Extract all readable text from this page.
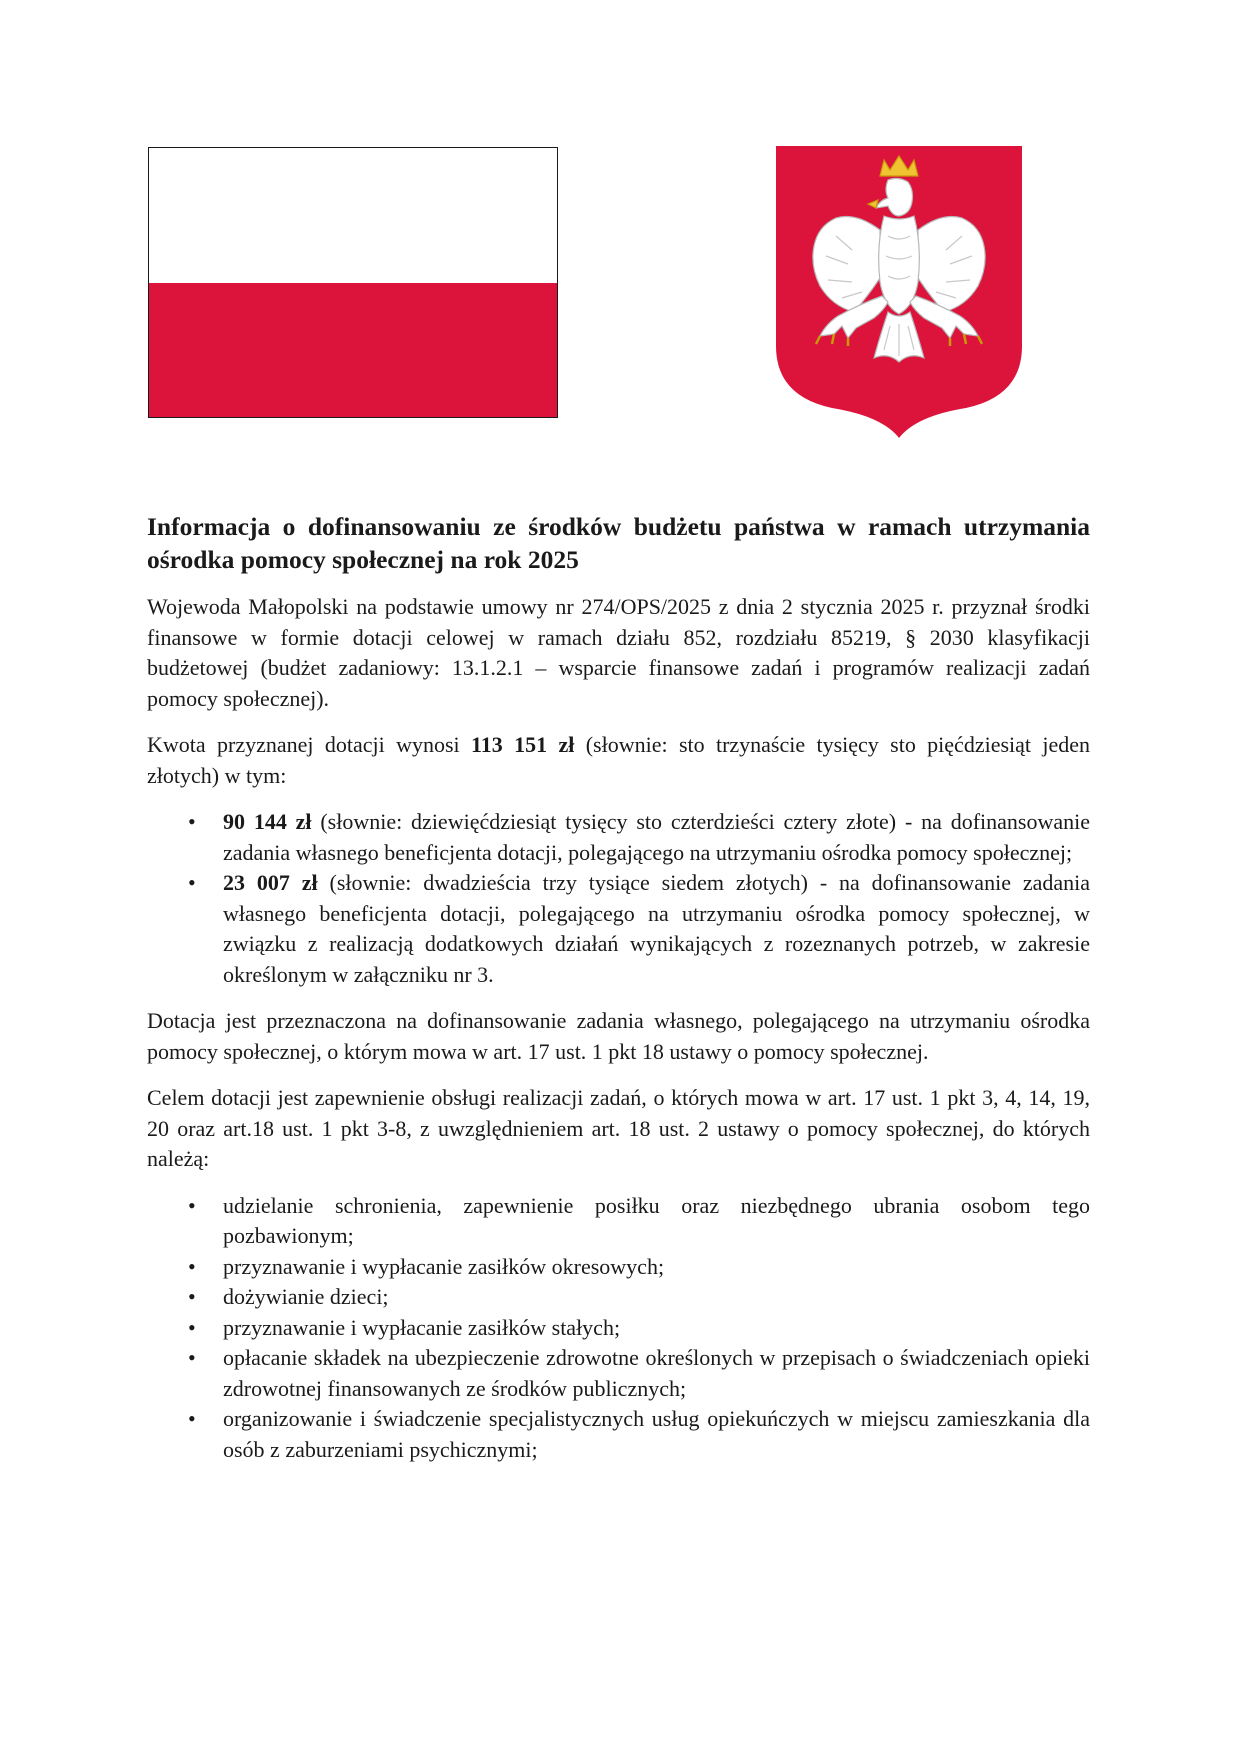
Informacja o dofinansowaniu ze środków budżetu państwa w ramach utrzymania ośrodka pomocy społecznej na rok 2025

Wojewoda Małopolski na podstawie umowy nr 274/OPS/2025 z dnia 2 stycznia 2025 r. przyznał środki finansowe w formie dotacji celowej w ramach działu 852, rozdziału 85219, § 2030 klasyfikacji budżetowej (budżet zadaniowy: 13.1.2.1 – wsparcie finansowe zadań i programów realizacji zadań pomocy społecznej).

Kwota przyznanej dotacji wynosi 113 151 zł (słownie: sto trzynaście tysięcy sto pięćdziesiąt jeden złotych) w tym:

• 90 144 zł (słownie: dziewięćdziesiąt tysięcy sto czterdzieści cztery złote) - na dofinansowanie zadania własnego beneficjenta dotacji, polegającego na utrzymaniu ośrodka pomocy społecznej;
• 23 007 zł (słownie: dwadzieścia trzy tysiące siedem złotych) - na dofinansowanie zadania własnego beneficjenta dotacji, polegającego na utrzymaniu ośrodka pomocy społecznej, w związku z realizacją dodatkowych działań wynikających z rozeznanych potrzeb, w zakresie określonym w załączniku nr 3.

Dotacja jest przeznaczona na dofinansowanie zadania własnego, polegającego na utrzymaniu ośrodka pomocy społecznej, o którym mowa w art. 17 ust. 1 pkt 18 ustawy o pomocy społecznej.

Celem dotacji jest zapewnienie obsługi realizacji zadań, o których mowa w art. 17 ust. 1 pkt 3, 4, 14, 19, 20 oraz art.18 ust. 1 pkt 3-8, z uwzględnieniem art. 18 ust. 2 ustawy o pomocy społecznej, do których należą:

• udzielanie schronienia, zapewnienie posiłku oraz niezbędnego ubrania osobom tego pozbawionym;
• przyznawanie i wypłacanie zasiłków okresowych;
• dożywianie dzieci;
• przyznawanie i wypłacanie zasiłków stałych;
• opłacanie składek na ubezpieczenie zdrowotne określonych w przepisach o świadczeniach opieki zdrowotnej finansowanych ze środków publicznych;
• organizowanie i świadczenie specjalistycznych usług opiekuńczych w miejscu zamieszkania dla osób z zaburzeniami psychicznymi;
